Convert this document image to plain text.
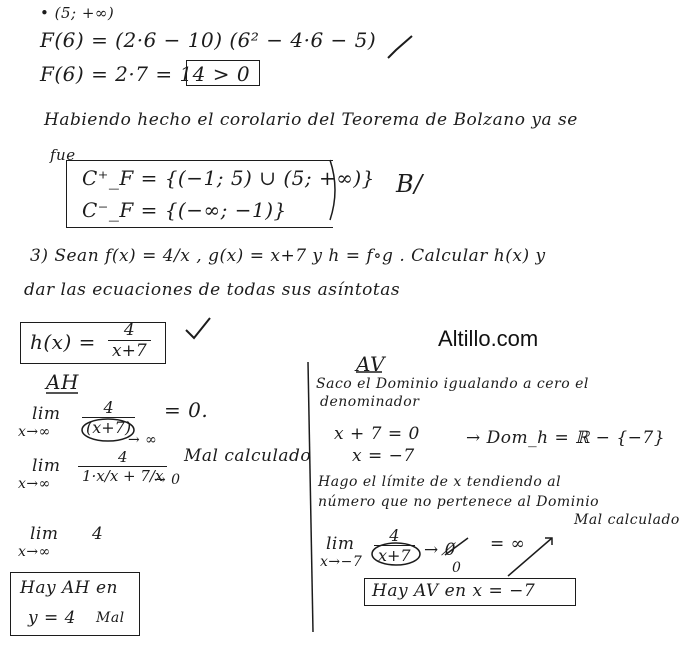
• (5; +∞)
F(6) = (2·6 − 10) (6² − 4·6 − 5)
F(6) = 2·7 = 14 > 0
Habiendo hecho el corolario del Teorema de Bolzano ya se
fue
C⁺_F = {(−1; 5) ∪ (5; +∞)}
C⁻_F = {(−∞; −1)}
B/
3) Sean f(x) = 4/x , g(x) = x+7 y h = f∘g . Calcular h(x) y
dar las ecuaciones de todas sus asíntotas
h(x) = 4
x+7	Altillo.com
AH
lim
x→∞
4
(x+7)
= 0.
→ ∞
lim
x→∞
4
1·x/x + 7/x
→ 0
Mal calculado
lim
x→∞
4
Hay AH en
y = 4 Mal
AV
Saco el Dominio igualando a cero el
denominador
x + 7 = 0
x = −7
→ Dom_h = ℝ − {−7}
Hago el límite de x tendiendo al
número que no pertenece al Dominio
Mal calculado
lim
x→−7
4
x+7 → 0̸ = ∞
0
Hay AV en x = −7
